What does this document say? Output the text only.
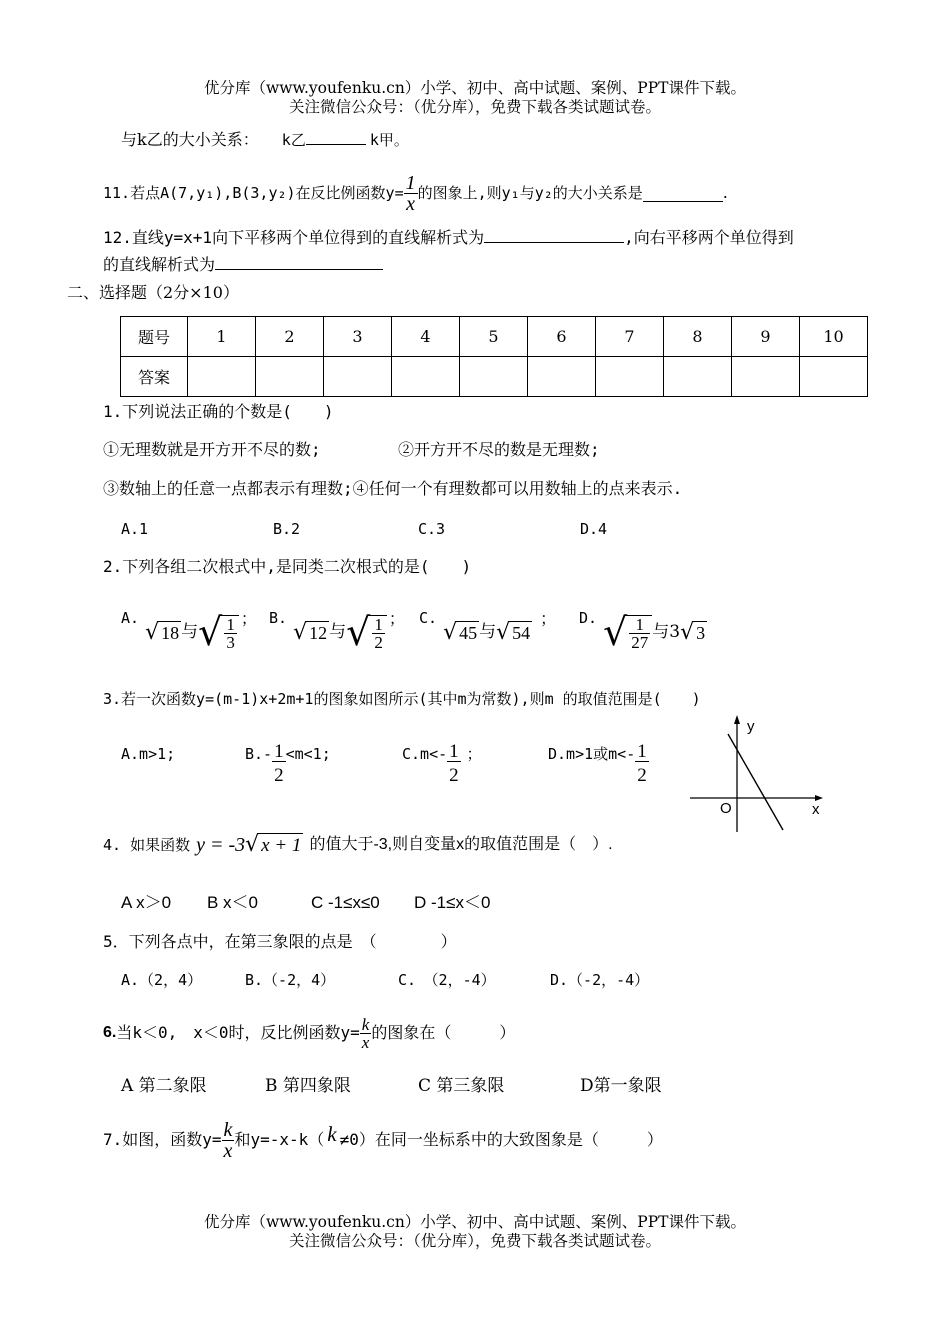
优分库（www.youfenku.cn）小学、初中、高中试题、案例、PPT课件下载。
关注微信公众号：（优分库），免费下载各类试题试卷。
与k乙的大小关系： k乙	k甲。
11.若点A(7,y₁),B(3,y₂)在反比例函数$y= \frac{1}{x}$ 的图象上,则y₁与y₂的大小关系是	.
12.直线y=x+1向下平移两个单位得到的直线解析式为	,向右平移两个单位得到
的直线解析式为
二、选择题（2分×10）
题号	1	2	3	4	5	6	7	8	9	10
答案										
1.下列说法正确的个数是(　　)
①无理数就是开方开不尽的数;	②开方开不尽的数是无理数;
③数轴上的任意一点都表示有理数;④任何一个有理数都可以用数轴上的点来表示.
A.1	B.2	C.3	D.4
2.下列各组二次根式中,是同类二次根式的是(　　)
A.
√ 18 与 √ $\frac{1}{3}$ ； B.
√ 12 与 √ $\frac{1}{2}$ ； C.
√ 45 与 √ 54
； D. √ $\frac{1}{27}$ 与3 √ 3
3.若一次函数y=(m-1)x+2m+1的图象如图所示(其中m为常数),则m 的取值范围是(　　)
A.m>1;	$B.- \frac{1}{2} <m<1$;	$C.m<- \frac{1}{2}$ ；	D.m>1或$m<- \frac{1}{2}$
y
x
O
4. 如果函数 y = -3 √ x + 1 的值大于-3,则自变量x的取值范围是（　）.
A x＞0 B x＜0	C -1≤x≤0 D -1≤x＜0
5．下列各点中，在第三象限的点是　（　　　　）
A.（2，4）	B.（-2，4）	C.　（2，-4）	D.（-2，-4）
6. 当k＜0,　x＜0时，反比例函数$y= \frac{k}{x}$ 的图象在（　　　）
A 第二象限	B 第四象限	C 第三象限	D第一象限
7.如图，函数$y= \frac{k}{x}$ 和y=-x-k（ k ≠0）在同一坐标系中的大致图象是（　　　）
优分库（www.youfenku.cn）小学、初中、高中试题、案例、PPT课件下载。
关注微信公众号：（优分库），免费下载各类试题试卷。
